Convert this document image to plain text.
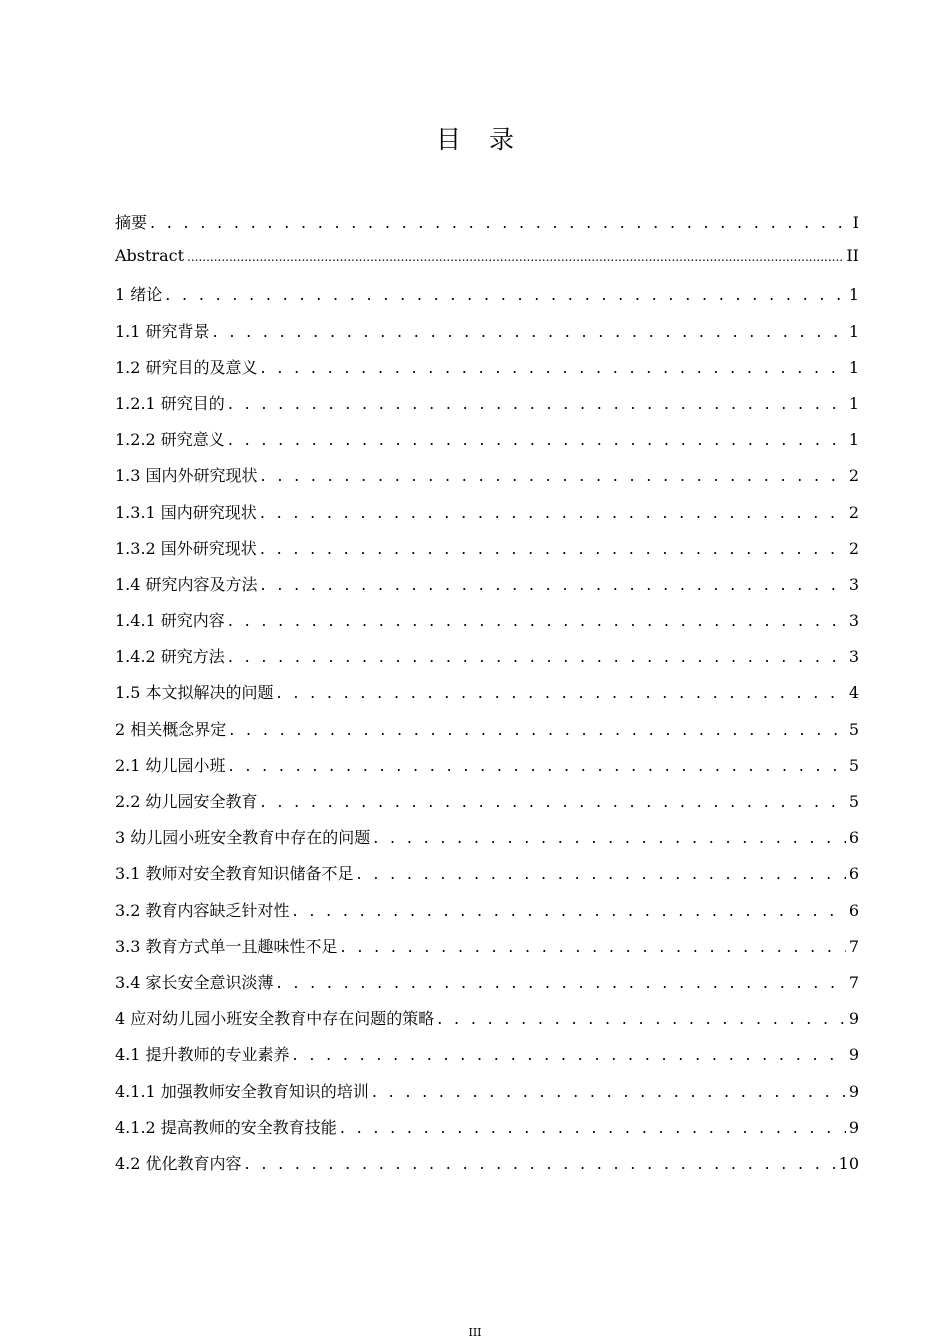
目录
摘要 . . .	I
Abstract .....	II
1 绪论 . . .	1
1.1 研究背景 . . .	1
1.2 研究目的及意义 . . .	1
1.2.1 研究目的 . . .	1
1.2.2 研究意义 . . .	1
1.3 国内外研究现状 . . .	2
1.3.1 国内研究现状 . . .	2
1.3.2 国外研究现状 . . .	2
1.4 研究内容及方法 . . .	3
1.4.1 研究内容 . . .	3
1.4.2 研究方法 . . .	3
1.5 本文拟解决的问题 . . .	4
2 相关概念界定 . . .	5
2.1 幼儿园小班 . . .	5
2.2 幼儿园安全教育 . . .	5
3 幼儿园小班安全教育中存在的问题 . . .	6
3.1 教师对安全教育知识储备不足 . . .	6
3.2 教育内容缺乏针对性 . . .	6
3.3 教育方式单一且趣味性不足 . . .	7
3.4 家长安全意识淡薄 . . .	7
4 应对幼儿园小班安全教育中存在问题的策略 . . .	9
4.1 提升教师的专业素养 . . .	9
4.1.1 加强教师安全教育知识的培训 . . .	9
4.1.2 提高教师的安全教育技能 . . .	9
4.2 优化教育内容 . . .	10
III
